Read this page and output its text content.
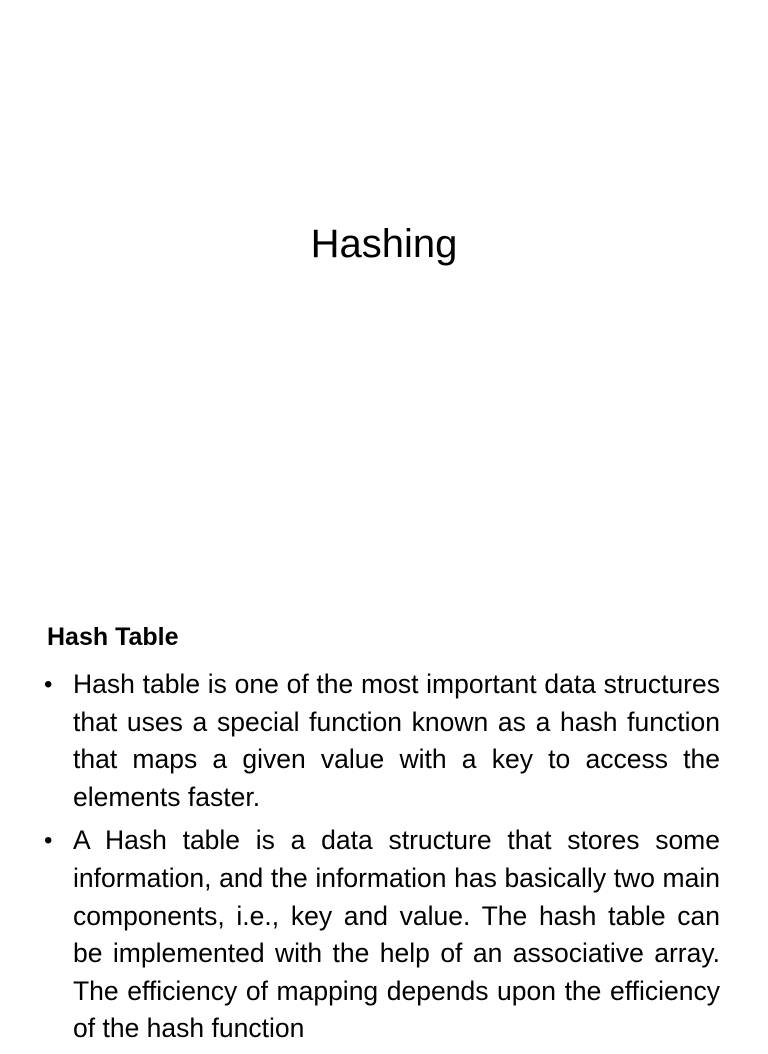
Hashing
Hash Table
• Hash table is one of the most important data structures that uses a special function known as a hash function that maps a given value with a key to access the elements faster.
• A Hash table is a data structure that stores some information, and the information has basically two main components, i.e., key and value. The hash table can be implemented with the help of an associative array. The efficiency of mapping depends upon the efficiency of the hash function
